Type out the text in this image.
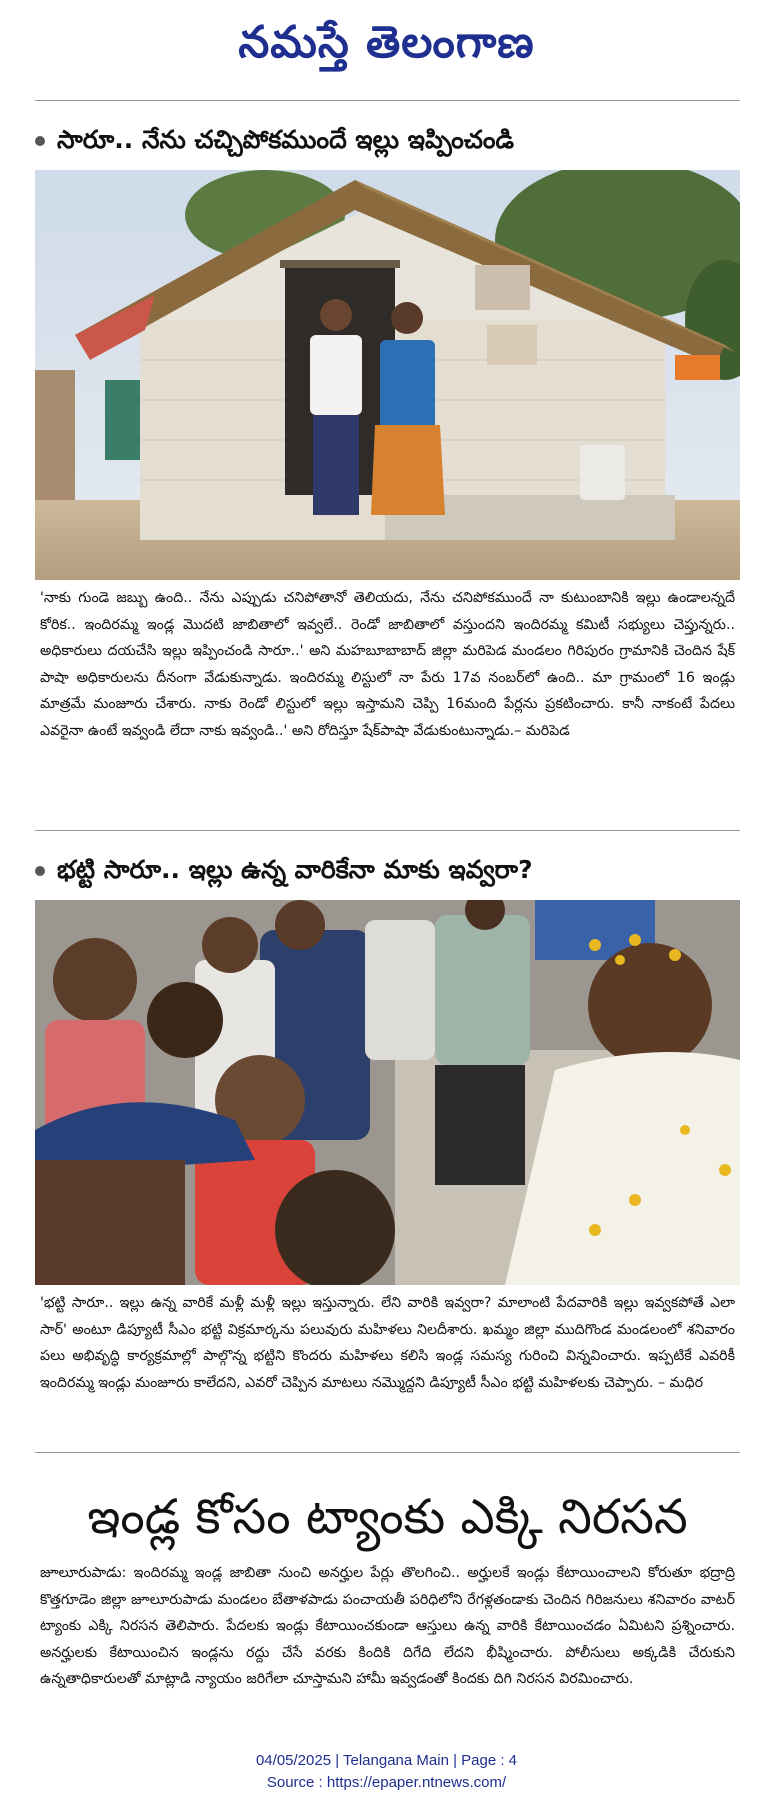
నమస్తే తెలంగాణ
సారూ.. నేను చచ్చిపోకముందే ఇల్లు ఇప్పించండి
'నాకు గుండె జబ్బు ఉంది.. నేను ఎప్పుడు చనిపోతానో తెలియదు, నేను చనిపోకముందే నా కుటుంబానికి ఇల్లు ఉండాలన్నదే కోరిక.. ఇందిరమ్మ ఇండ్ల మొదటి జాబితాలో ఇవ్వలే.. రెండో జాబితాలో వస్తుందని ఇందిరమ్మ కమిటీ సభ్యులు చెప్తున్నరు.. అధికారులు దయచేసి ఇల్లు ఇప్పించండి సారూ..' అని మహబూబాబాద్ జిల్లా మరిపెడ మండలం గిరిపురం గ్రామానికి చెందిన షేక్ పాషా అధికారులను దీనంగా వేడుకున్నాడు. ఇందిరమ్మ లిస్టులో నా పేరు 17వ నంబర్‌లో ఉంది.. మా గ్రామంలో 16 ఇండ్లు మాత్రమే మంజూరు చేశారు. నాకు రెండో లిస్టులో ఇల్లు ఇస్తామని చెప్పి 16మంది పేర్లను ప్రకటించారు. కానీ నాకంటే పేదలు ఎవరైనా ఉంటే ఇవ్వండి లేదా నాకు ఇవ్వండి..' అని రోదిస్తూ షేక్‌పాషా వేడుకుంటున్నాడు.– మరిపెడ
భట్టి సారూ.. ఇల్లు ఉన్న వారికేనా మాకు ఇవ్వరా?
'భట్టి సారూ.. ఇల్లు ఉన్న వారికే మళ్లీ మళ్లీ ఇల్లు ఇస్తున్నారు. లేని వారికి ఇవ్వరా? మాలాంటి పేదవారికి ఇల్లు ఇవ్వకపోతే ఎలా సార్' అంటూ డిప్యూటీ సీఎం భట్టి విక్రమార్కను పలువురు మహిళలు నిలదీశారు. ఖమ్మం జిల్లా ముదిగొండ మండలంలో శనివారం పలు అభివృద్ధి కార్యక్రమాల్లో పాల్గొన్న భట్టిని కొందరు మహిళలు కలిసి ఇండ్ల సమస్య గురించి విన్నవించారు. ఇప్పటికే ఎవరికీ ఇందిరమ్మ ఇండ్లు మంజూరు కాలేదని, ఎవరో చెప్పిన మాటలు నమ్మొద్దని డిప్యూటీ సీఎం భట్టి మహిళలకు చెప్పారు. – మధిర
ఇండ్ల కోసం ట్యాంకు ఎక్కి నిరసన
జూలూరుపాడు: ఇందిరమ్మ ఇండ్ల జాబితా నుంచి అనర్హుల పేర్లు తొలగించి.. అర్హులకే ఇండ్లు కేటాయించాలని కోరుతూ భద్రాద్రి కొత్తగూడెం జిల్లా జూలూరుపాడు మండలం బేతాళపాడు పంచాయతీ పరిధిలోని రేగళ్లతండాకు చెందిన గిరిజనులు శనివారం వాటర్ ట్యాంకు ఎక్కి నిరసన తెలిపారు. పేదలకు ఇండ్లు కేటాయించకుండా ఆస్తులు ఉన్న వారికి కేటాయించడం ఏమిటని ప్రశ్నించారు. అనర్హులకు కేటాయించిన ఇండ్లను రద్దు చేసే వరకు కిందికి దిగేది లేదని భీష్మించారు. పోలీసులు అక్కడికి చేరుకుని ఉన్నతాధికారులతో మాట్లాడి న్యాయం జరిగేలా చూస్తామని హామీ ఇవ్వడంతో కిందకు దిగి నిరసన విరమించారు.
04/05/2025 | Telangana Main | Page : 4
Source : https://epaper.ntnews.com/
